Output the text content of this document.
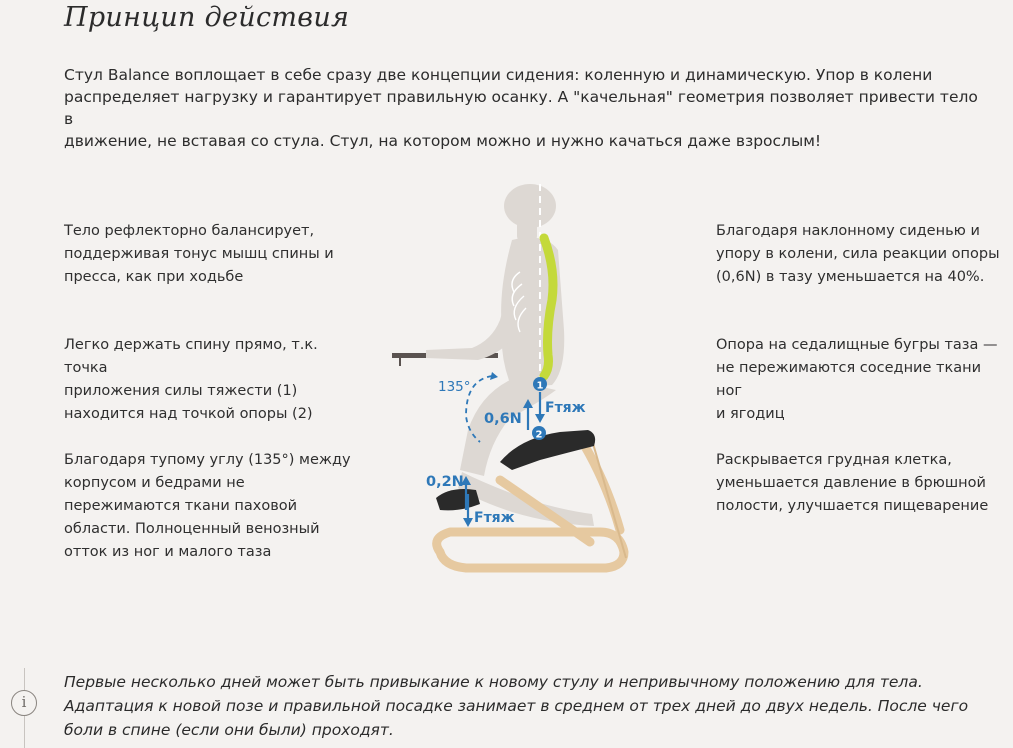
Принцип действия
Стул Balance воплощает в себе сразу две концепции сидения: коленную и динамическую. Упор в колени
распределяет нагрузку и гарантирует правильную осанку. А "качельная" геометрия позволяет привести тело в
движение, не вставая со стула. Стул, на котором можно и нужно качаться даже взрослым!
Тело рефлекторно балансирует,
поддерживая тонус мышц спины и
пресса, как при ходьбе
Легко держать спину прямо, т.к. точка
приложения силы тяжести (1)
находится над точкой опоры (2)
Благодаря тупому углу (135°) между
корпусом и бедрами не
пережимаются ткани паховой
области. Полноценный венозный
отток из ног и малого таза
Благодаря наклонному сиденью и
упору в колени, сила реакции опоры
(0,6N) в тазу уменьшается на 40%.
Опора на седалищные бугры таза —
не пережимаются соседние ткани ног
и ягодиц
Раскрывается грудная клетка,
уменьшается давление в брюшной
полости, улучшается пищеварение
135°	1
Fтяж
0,6N
2
0,2N
Fтяж
i
Первые несколько дней может быть привыкание к новому стулу и непривычному положению для тела.
Адаптация к новой позе и правильной посадке занимает в среднем от трех дней до двух недель. После чего
боли в спине (если они были) проходят.
